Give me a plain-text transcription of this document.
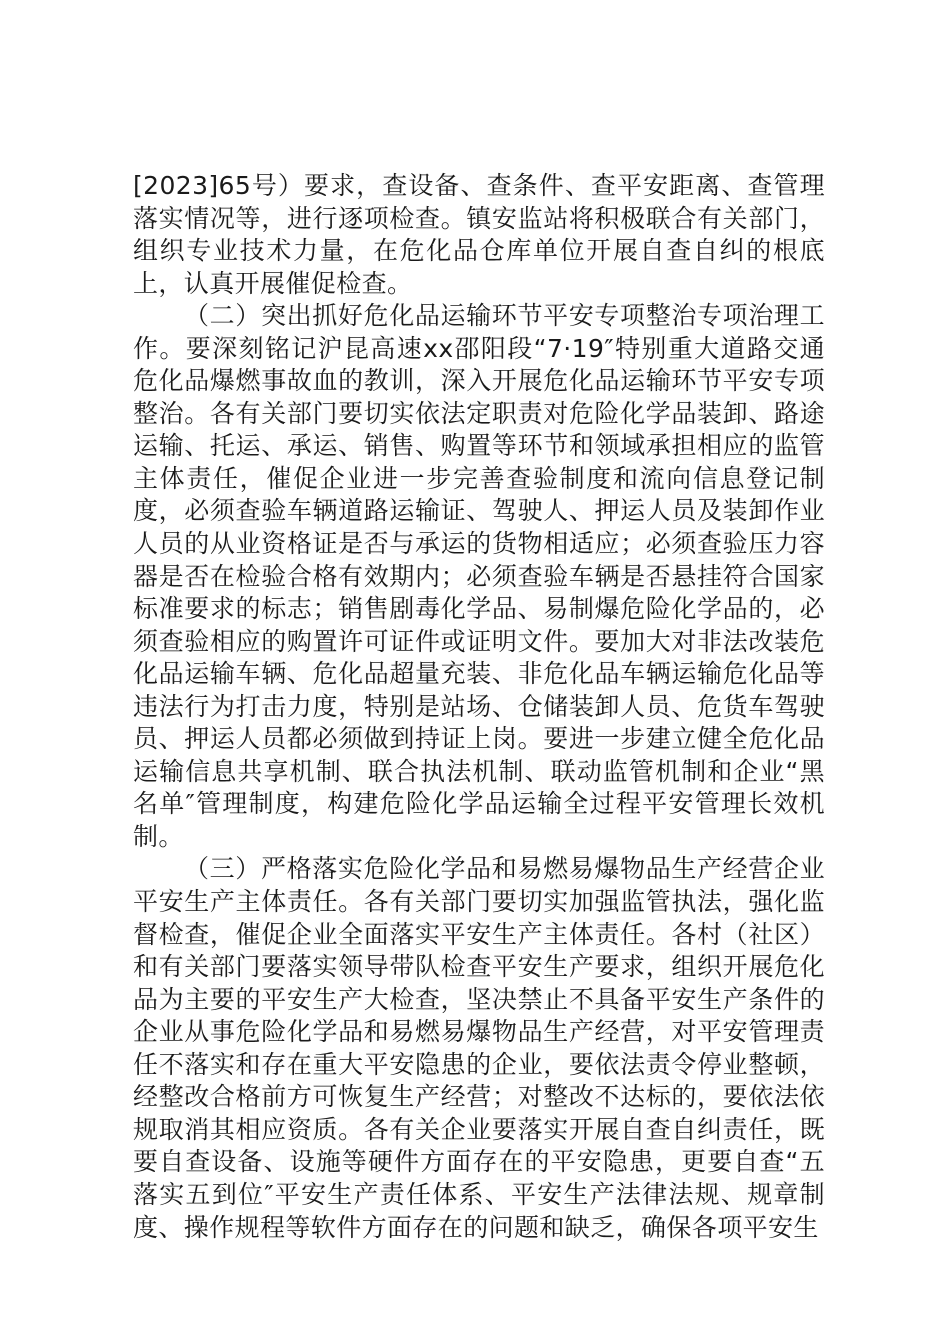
[2023]65号）要求，查设备、查条件、查平安距离、查管理落实情况等，进行逐项检查。镇安监站将积极联合有关部门，组织专业技术力量，在危化品仓库单位开展自查自纠的根底上，认真开展催促检查。

（二）突出抓好危化品运输环节平安专项整治专项治理工作。要深刻铭记沪昆高速xx邵阳段“7·19″特别重大道路交通危化品爆燃事故血的教训，深入开展危化品运输环节平安专项整治。各有关部门要切实依法定职责对危险化学品装卸、路途运输、托运、承运、销售、购置等环节和领域承担相应的监管主体责任，催促企业进一步完善查验制度和流向信息登记制度，必须查验车辆道路运输证、驾驶人、押运人员及装卸作业人员的从业资格证是否与承运的货物相适应；必须查验压力容器是否在检验合格有效期内；必须查验车辆是否悬挂符合国家标准要求的标志；销售剧毒化学品、易制爆危险化学品的，必须查验相应的购置许可证件或证明文件。要加大对非法改装危化品运输车辆、危化品超量充装、非危化品车辆运输危化品等违法行为打击力度，特别是站场、仓储装卸人员、危货车驾驶员、押运人员都必须做到持证上岗。要进一步建立健全危化品运输信息共享机制、联合执法机制、联动监管机制和企业“黑名单″管理制度，构建危险化学品运输全过程平安管理长效机制。

（三）严格落实危险化学品和易燃易爆物品生产经营企业平安生产主体责任。各有关部门要切实加强监管执法，强化监督检查，催促企业全面落实平安生产主体责任。各村（社区）和有关部门要落实领导带队检查平安生产要求，组织开展危化品为主要的平安生产大检查，坚决禁止不具备平安生产条件的企业从事危险化学品和易燃易爆物品生产经营，对平安管理责任不落实和存在重大平安隐患的企业，要依法责令停业整顿，经整改合格前方可恢复生产经营；对整改不达标的，要依法依规取消其相应资质。各有关企业要落实开展自查自纠责任，既要自查设备、设施等硬件方面存在的平安隐患，更要自查“五落实五到位″平安生产责任体系、平安生产法律法规、规章制度、操作规程等软件方面存在的问题和缺乏，确保各项平安生
